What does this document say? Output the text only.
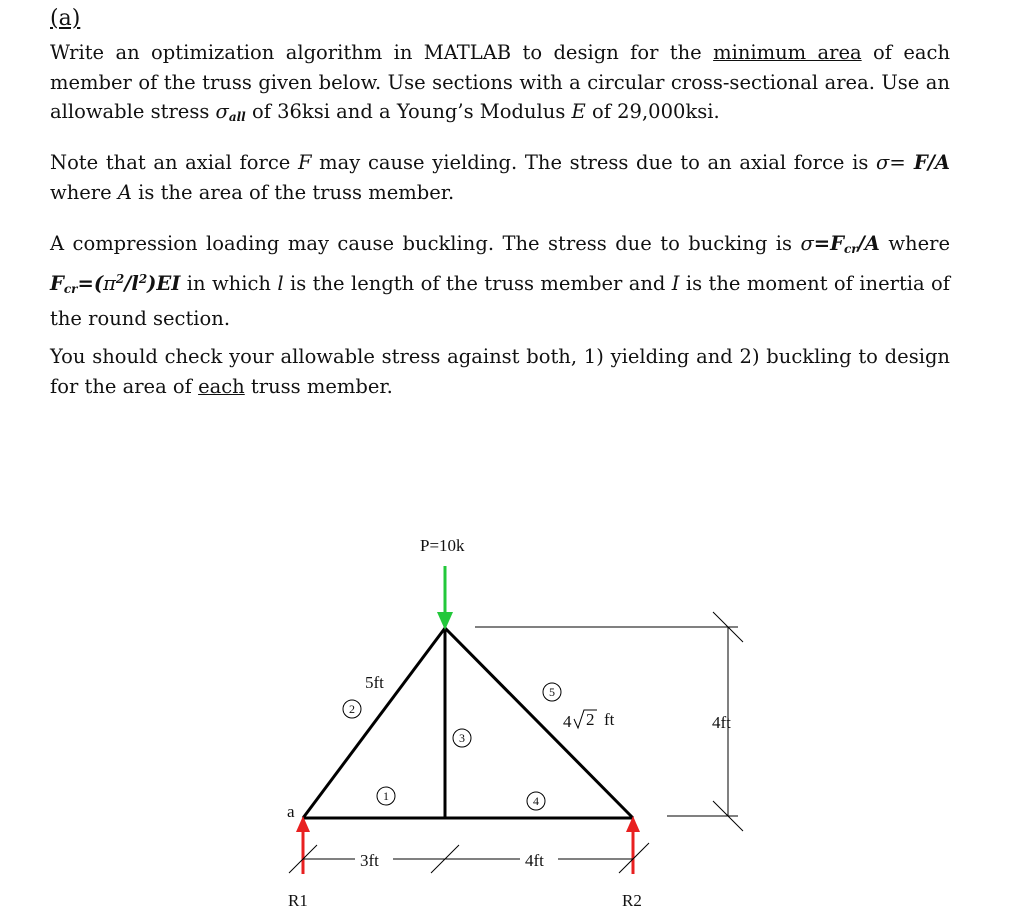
(a)
Write an optimization algorithm in MATLAB to design for the minimum area of each member of the truss given below. Use sections with a circular cross-sectional area. Use an allowable stress $\sigma_{all}$ of 36ksi and a Young’s Modulus E of 29,000ksi.
Note that an axial force F may cause yielding. The stress due to an axial force is σ= F/A where A is the area of the truss member.
A compression loading may cause buckling. The stress due to bucking is $\sigma=F_{cr}/A$ where $F_{cr}=(\pi^2/l^2)EI$ in which l is the length of the truss member and I is the moment of inertia of the round section.
You should check your allowable stress against both, 1) yielding and 2) buckling to design for the area of each truss member.
P=10k
R1	R2
a
3ft	4ft
4ft
5ft
4 2 ft
2
5
3
1	4
